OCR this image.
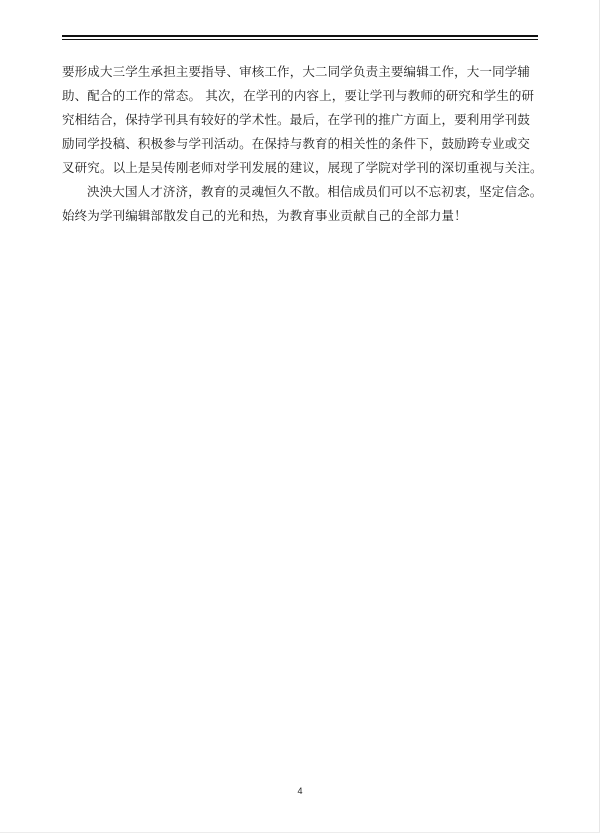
要形成大三学生承担主要指导、审核工作，大二同学负责主要编辑工作，大一同学辅
助、配合的工作的常态。 其次，在学刊的内容上，要让学刊与教师的研究和学生的研
究相结合，保持学刊具有较好的学术性。最后，在学刊的推广方面上，要利用学刊鼓
励同学投稿、积极参与学刊活动。在保持与教育的相关性的条件下，鼓励跨专业或交
叉研究。以上是吴传刚老师对学刊发展的建议，展现了学院对学刊的深切重视与关注。
泱泱大国人才济济，教育的灵魂恒久不散。相信成员们可以不忘初衷，坚定信念。
始终为学刊编辑部散发自己的光和热，为教育事业贡献自己的全部力量！
4
